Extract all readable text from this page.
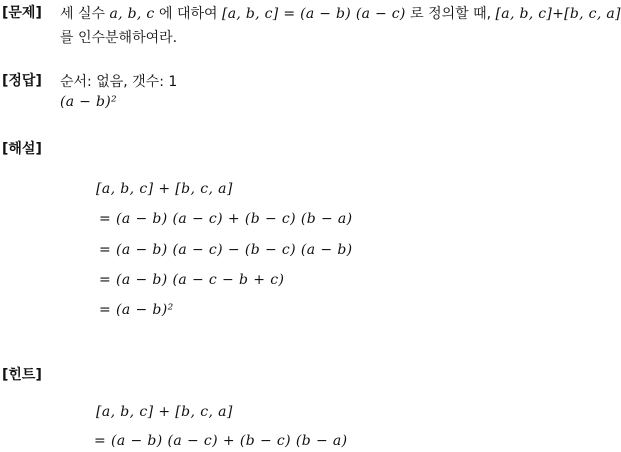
[문제] 세 실수 a, b, c 에 대하여 [a, b, c] = (a − b) (a − c) 로 정의할 때, [a, b, c]+[b, c, a]
를 인수분해하여라.
[정답] 순서: 없음, 갯수: 1
(a − b)²
[해설]
[a, b, c] + [b, c, a]
= (a − b) (a − c) + (b − c) (b − a)
= (a − b) (a − c) − (b − c) (a − b)
= (a − b) (a − c − b + c)
= (a − b)²
[힌트]
[a, b, c] + [b, c, a]
= (a − b) (a − c) + (b − c) (b − a)
